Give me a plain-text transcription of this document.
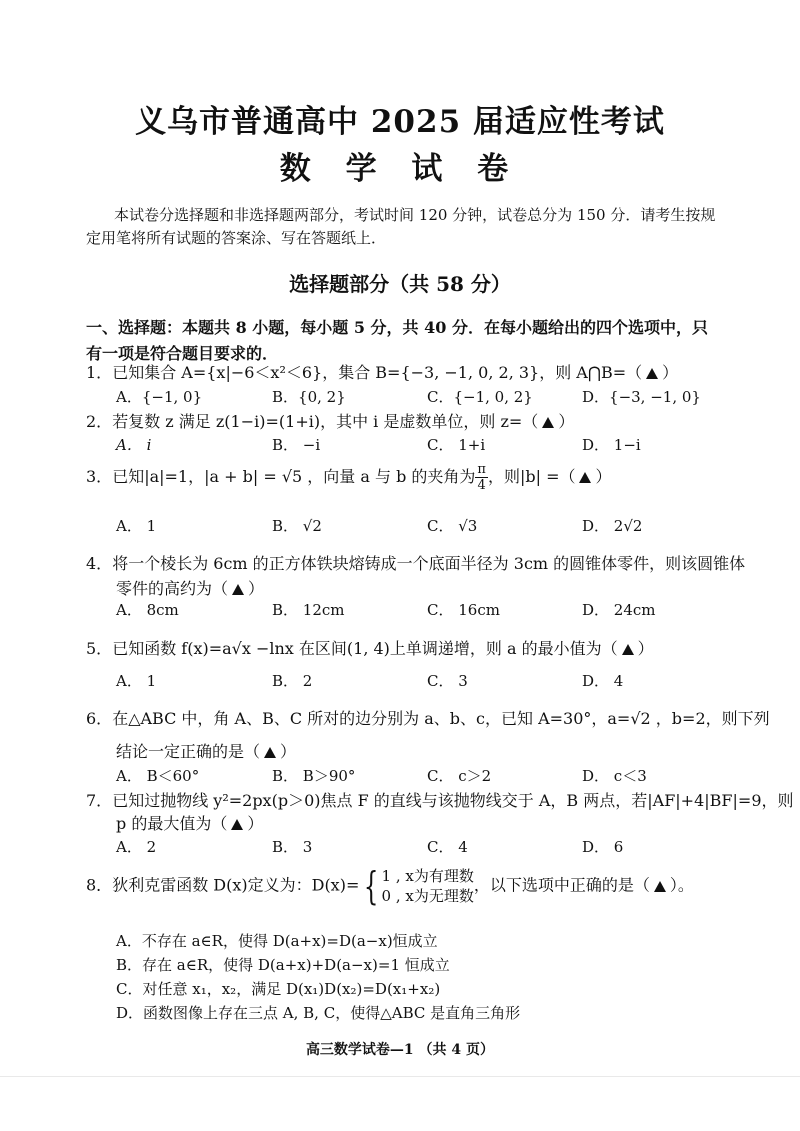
义乌市普通高中 2025 届适应性考试
数 学 试 卷
本试卷分选择题和非选择题两部分，考试时间 120 分钟，试卷总分为 150 分．请考生按规定用笔将所有试题的答案涂、写在答题纸上．
选择题部分（共 58 分）
一、选择题：本题共 8 小题，每小题 5 分，共 40 分．在每小题给出的四个选项中，只有一项是符合题目要求的．
1．已知集合 A={x|−6＜x²＜6}，集合 B={−3, −1, 0, 2, 3}，则 A⋂B=（ ）
A．{−1, 0}	B．{0, 2}	C．{−1, 0, 2}	D．{−3, −1, 0}
2．若复数 z 满足 z(1−i)=(1+i)，其中 i 是虚数单位，则 z=（ ）
A． i	B． −i	C． 1+i	D． 1−i
3．已知|a|=1，|a + b| = √5 ，向量 a 与 b 的夹角为 $\frac{\pi}{4}$ ，则|b| =（ ）
A． 1	B． √2	C． √3	D． 2√2
4．将一个棱长为 6cm 的正方体铁块熔铸成一个底面半径为 3cm 的圆锥体零件，则该圆锥体
零件的高约为（ ）
A． 8cm	B． 12cm	C． 16cm	D． 24cm
5．已知函数 f(x)=a√x −lnx 在区间(1, 4)上单调递增，则 a 的最小值为（ ）
A． 1	B． 2	C． 3	D． 4
6．在△ABC 中，角 A、B、C 所对的边分别为 a、b、c，已知 A=30°，a=√2 ，b=2，则下列
结论一定正确的是（ ）
A． B＜60°	B． B＞90°	C． c＞2	D． c＜3
7．已知过抛物线 y²=2px(p＞0)焦点 F 的直线与该抛物线交于 A，B 两点，若|AF|+4|BF|=9，则
p 的最大值为（ ）
A． 2	B． 3	C． 4	D． 6
8．狄利克雷函数 D(x)定义为：D(x)= { 1 , x为有理数
0 , x为无理数
，以下选项中正确的是（ ）。
A．不存在 a∈R，使得 D(a+x)=D(a−x)恒成立
B．存在 a∈R，使得 D(a+x)+D(a−x)=1 恒成立
C．对任意 x₁，x₂，满足 D(x₁)D(x₂)=D(x₁+x₂)
D．函数图像上存在三点 A, B, C，使得△ABC 是直角三角形
高三数学试卷—1 （共 4 页）
